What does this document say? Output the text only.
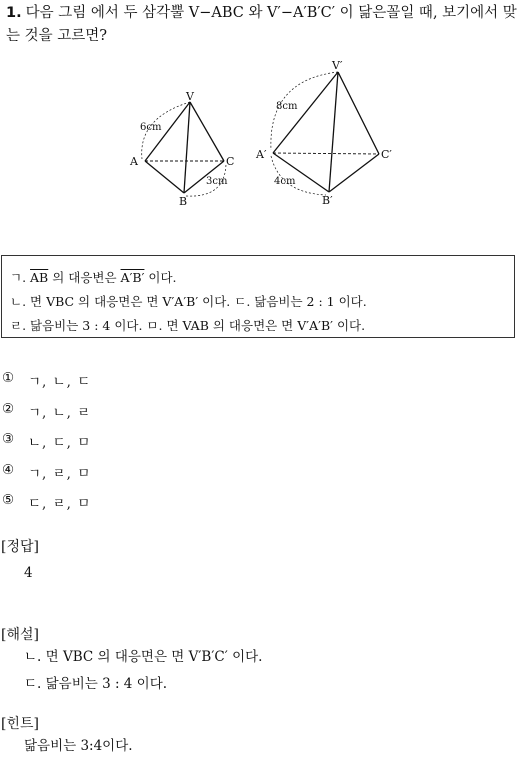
1. 다음 그림 에서 두 삼각뿔 V−ABC 와 V′−A′B′C′ 이 닮은꼴일 때, 보기에서 맞는 것을 고르면?
V
A
B
C
6cm
3cm
V′
A′
B′
C′
8cm
4cm
ㄱ. $\overline{AB}$ 의 대응변은 A′B′ 이다.
ㄴ. 면 VBC 의 대응면은 면 V′A′B′ 이다. ㄷ. 닮음비는 2 : 1 이다.
ㄹ. 닮음비는 3 : 4 이다. ㅁ. 면 VAB 의 대응면은 면 V′A′B′ 이다.
①	ㄱ, ㄴ, ㄷ
②	ㄱ, ㄴ, ㄹ
③	ㄴ, ㄷ, ㅁ
④	ㄱ, ㄹ, ㅁ
⑤	ㄷ, ㄹ, ㅁ
[정답]
4
[해설]
ㄴ. 면 VBC 의 대응면은 면 V′B′C′ 이다.
ㄷ. 닮음비는 3 : 4 이다.
[힌트]
닮음비는 3:4이다.
